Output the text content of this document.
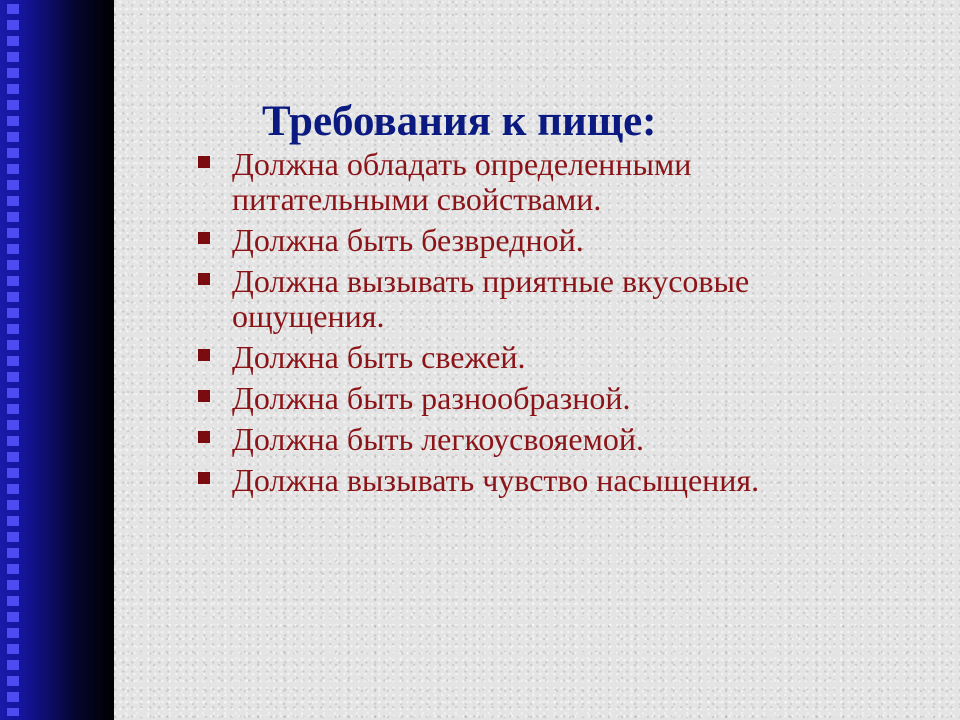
Требования к пище:
Должна обладать определенными питательными свойствами.
Должна быть безвредной.
Должна вызывать приятные вкусовые ощущения.
Должна быть свежей.
Должна быть разнообразной.
Должна быть легкоусвояемой.
Должна вызывать чувство насыщения.
